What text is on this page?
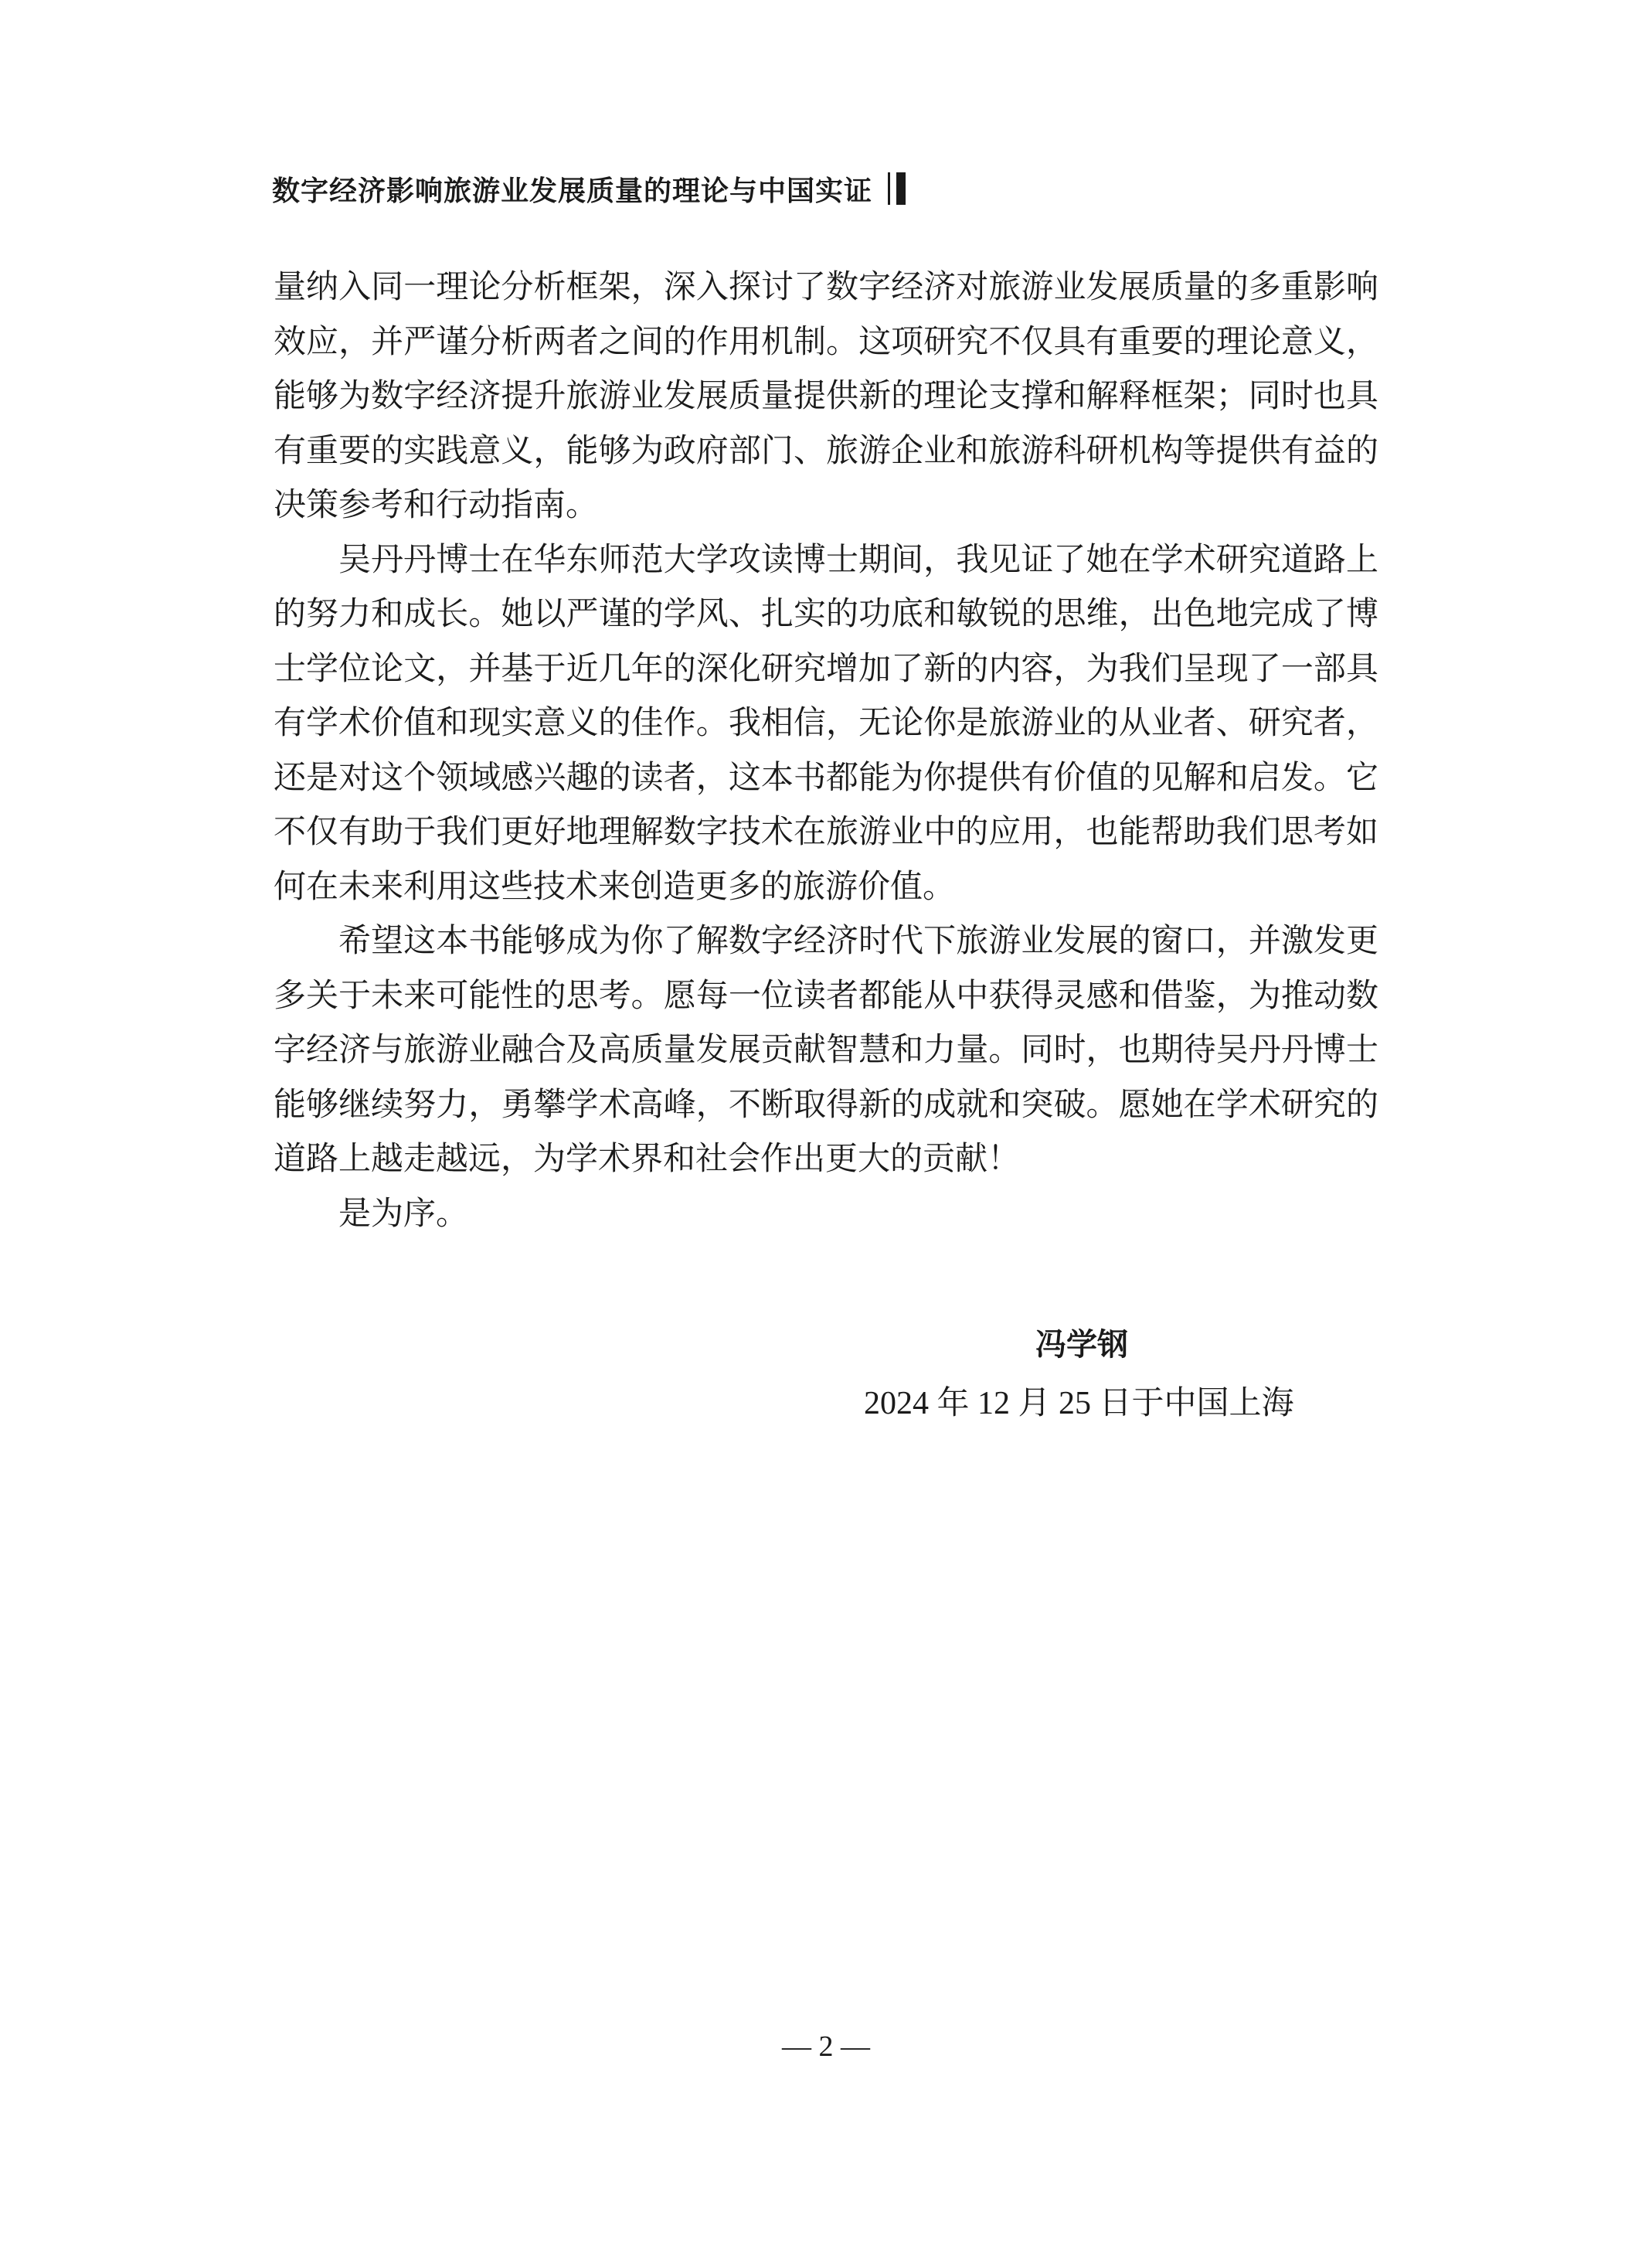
数字经济影响旅游业发展质量的理论与中国实证

量纳入同一理论分析框架，深入探讨了数字经济对旅游业发展质量的多重影响效应，并严谨分析两者之间的作用机制。这项研究不仅具有重要的理论意义，能够为数字经济提升旅游业发展质量提供新的理论支撑和解释框架；同时也具有重要的实践意义，能够为政府部门、旅游企业和旅游科研机构等提供有益的决策参考和行动指南。

吴丹丹博士在华东师范大学攻读博士期间，我见证了她在学术研究道路上的努力和成长。她以严谨的学风、扎实的功底和敏锐的思维，出色地完成了博士学位论文，并基于近几年的深化研究增加了新的内容，为我们呈现了一部具有学术价值和现实意义的佳作。我相信，无论你是旅游业的从业者、研究者，还是对这个领域感兴趣的读者，这本书都能为你提供有价值的见解和启发。它不仅有助于我们更好地理解数字技术在旅游业中的应用，也能帮助我们思考如何在未来利用这些技术来创造更多的旅游价值。

希望这本书能够成为你了解数字经济时代下旅游业发展的窗口，并激发更多关于未来可能性的思考。愿每一位读者都能从中获得灵感和借鉴，为推动数字经济与旅游业融合及高质量发展贡献智慧和力量。同时，也期待吴丹丹博士能够继续努力，勇攀学术高峰，不断取得新的成就和突破。愿她在学术研究的道路上越走越远，为学术界和社会作出更大的贡献！

是为序。

冯学钢
2024 年 12 月 25 日于中国上海
— 2 —
